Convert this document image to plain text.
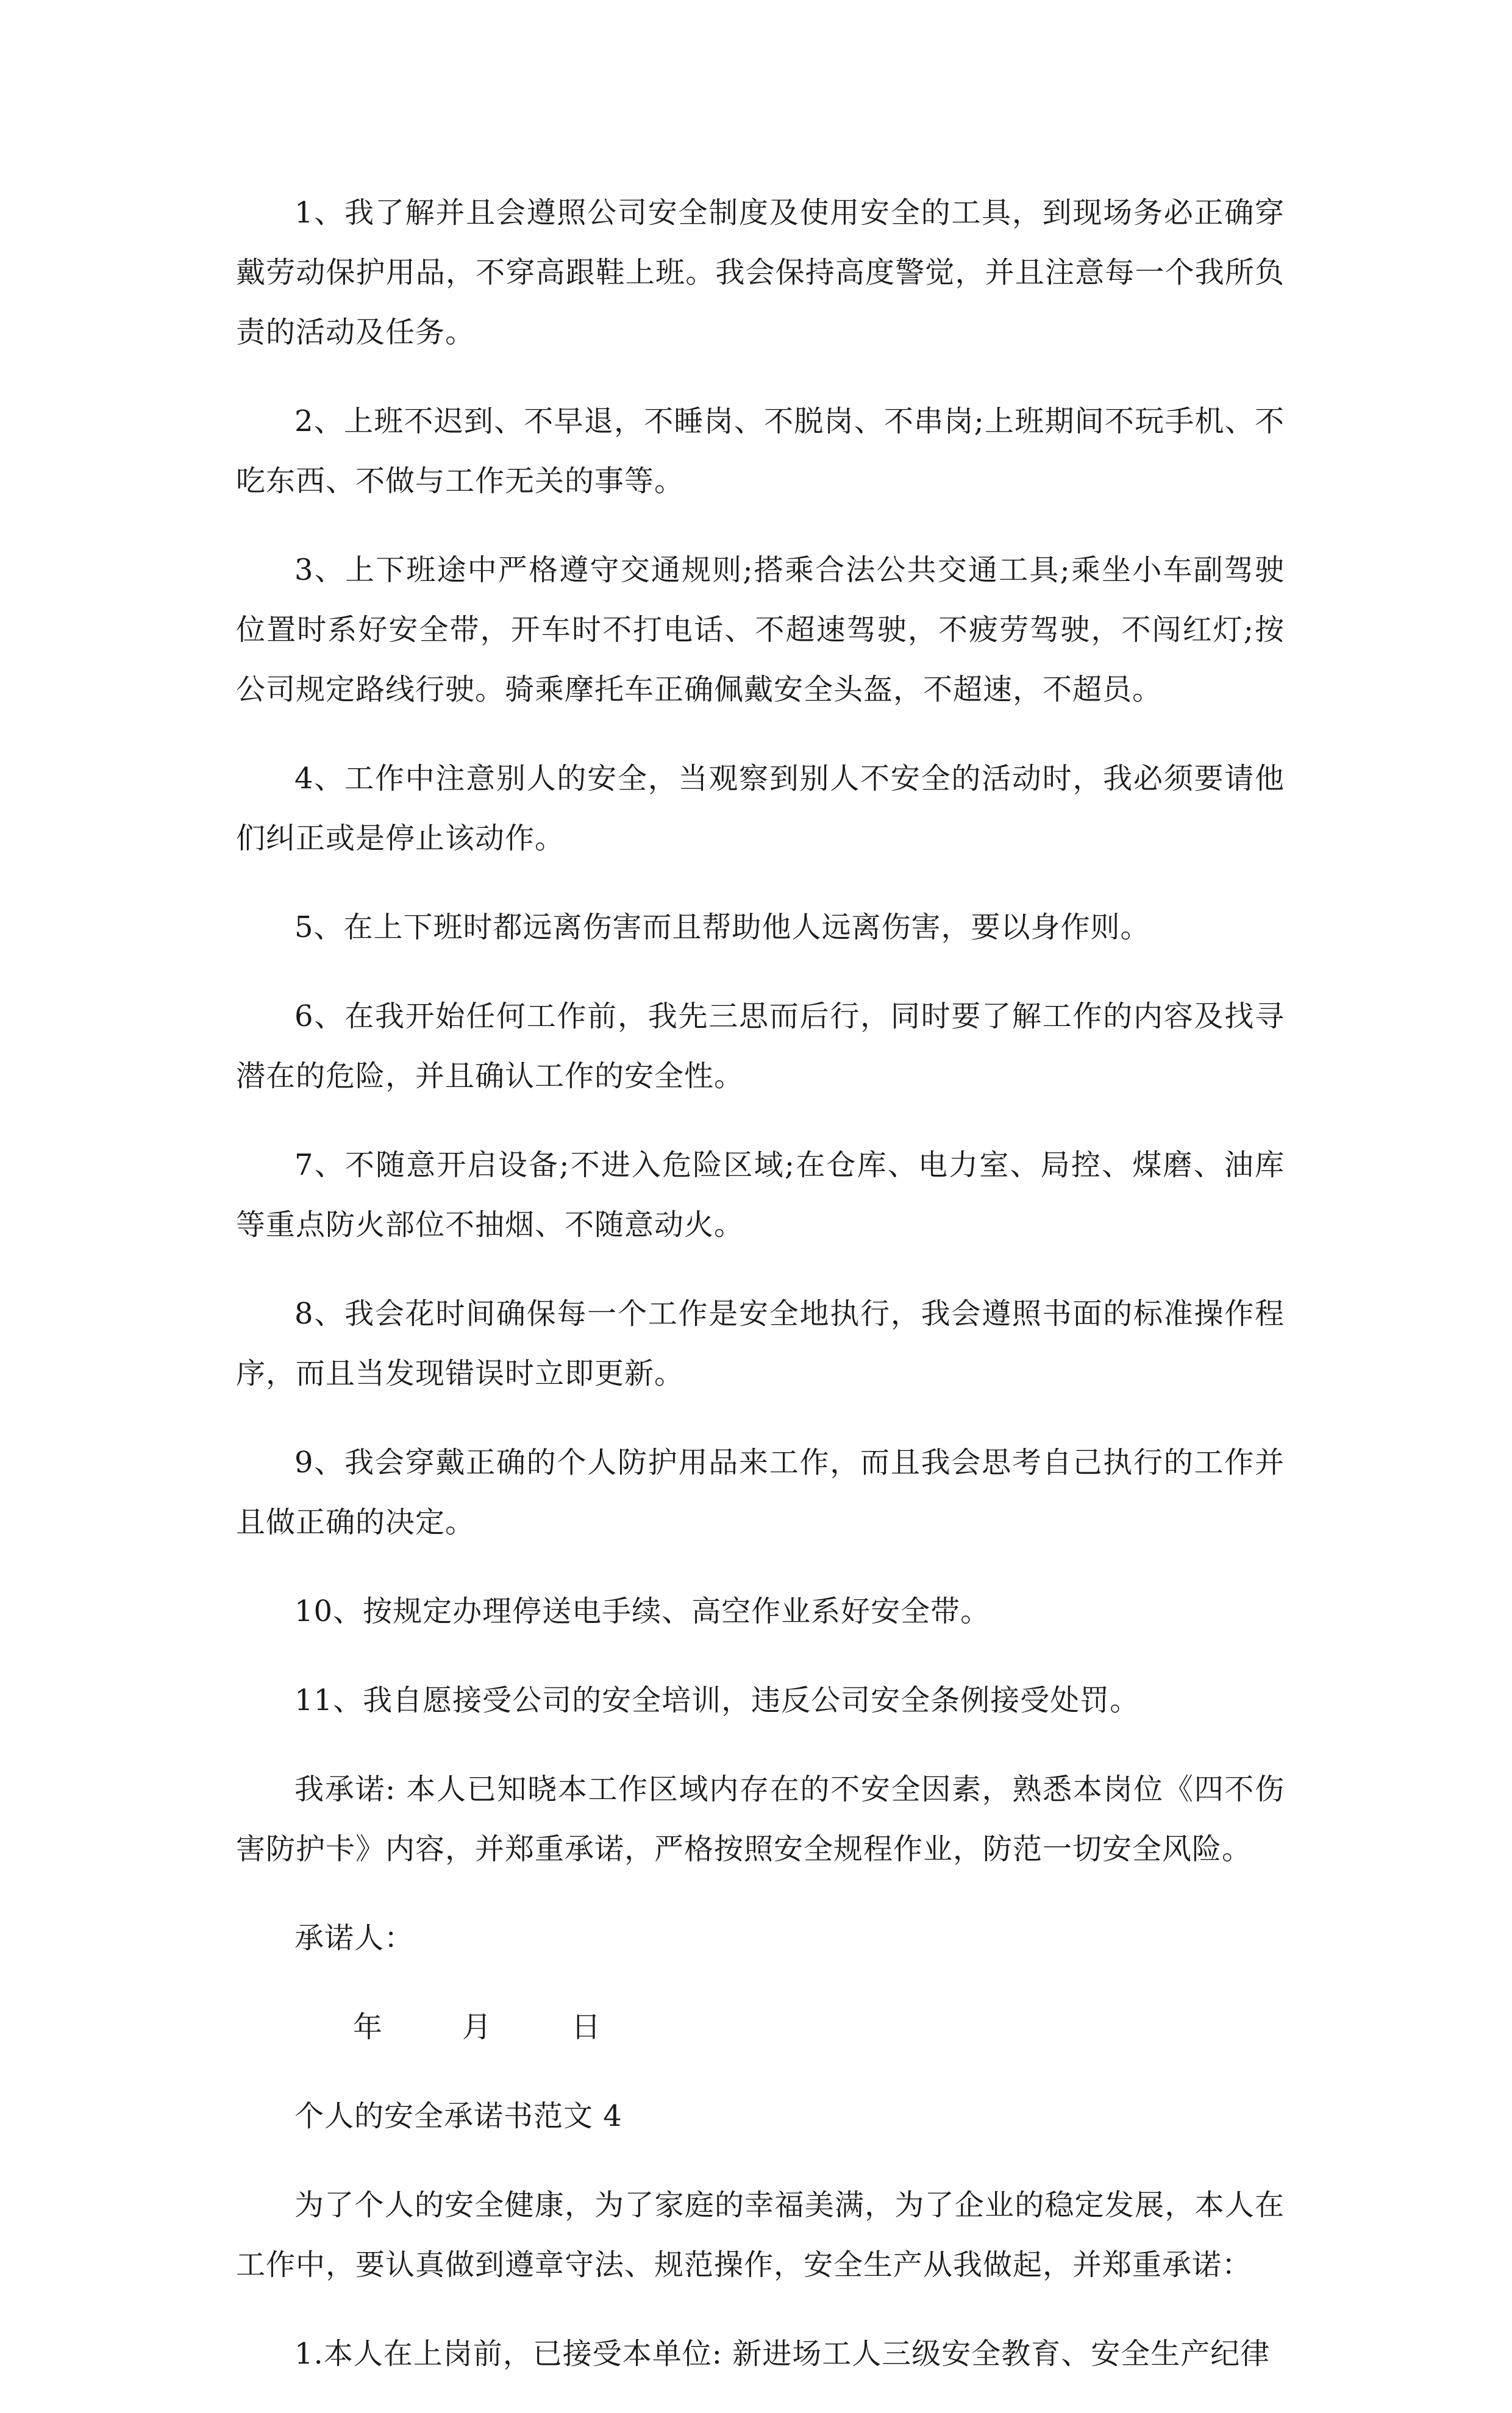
1、我了解并且会遵照公司安全制度及使用安全的工具，到现场务必正确穿戴劳动保护用品，不穿高跟鞋上班。我会保持高度警觉，并且注意每一个我所负责的活动及任务。

2、上班不迟到、不早退，不睡岗、不脱岗、不串岗;上班期间不玩手机、不吃东西、不做与工作无关的事等。

3、上下班途中严格遵守交通规则;搭乘合法公共交通工具;乘坐小车副驾驶位置时系好安全带，开车时不打电话、不超速驾驶，不疲劳驾驶，不闯红灯;按公司规定路线行驶。骑乘摩托车正确佩戴安全头盔，不超速，不超员。

4、工作中注意别人的安全，当观察到别人不安全的活动时，我必须要请他们纠正或是停止该动作。

5、在上下班时都远离伤害而且帮助他人远离伤害，要以身作则。

6、在我开始任何工作前，我先三思而后行，同时要了解工作的内容及找寻潜在的危险，并且确认工作的安全性。

7、不随意开启设备;不进入危险区域;在仓库、电力室、局控、煤磨、油库等重点防火部位不抽烟、不随意动火。

8、我会花时间确保每一个工作是安全地执行，我会遵照书面的标准操作程序，而且当发现错误时立即更新。

9、我会穿戴正确的个人防护用品来工作，而且我会思考自己执行的工作并且做正确的决定。

10、按规定办理停送电手续、高空作业系好安全带。

11、我自愿接受公司的安全培训，违反公司安全条例接受处罚。

我承诺: 本人已知晓本工作区域内存在的不安全因素，熟悉本岗位《四不伤害防护卡》内容，并郑重承诺，严格按照安全规程作业，防范一切安全风险。

承诺人：

年	月	日

个人的安全承诺书范文 4

为了个人的安全健康，为了家庭的幸福美满，为了企业的稳定发展，本人在工作中，要认真做到遵章守法、规范操作，安全生产从我做起，并郑重承诺：

1.本人在上岗前，已接受本单位: 新进场工人三级安全教育、安全生产纪律
